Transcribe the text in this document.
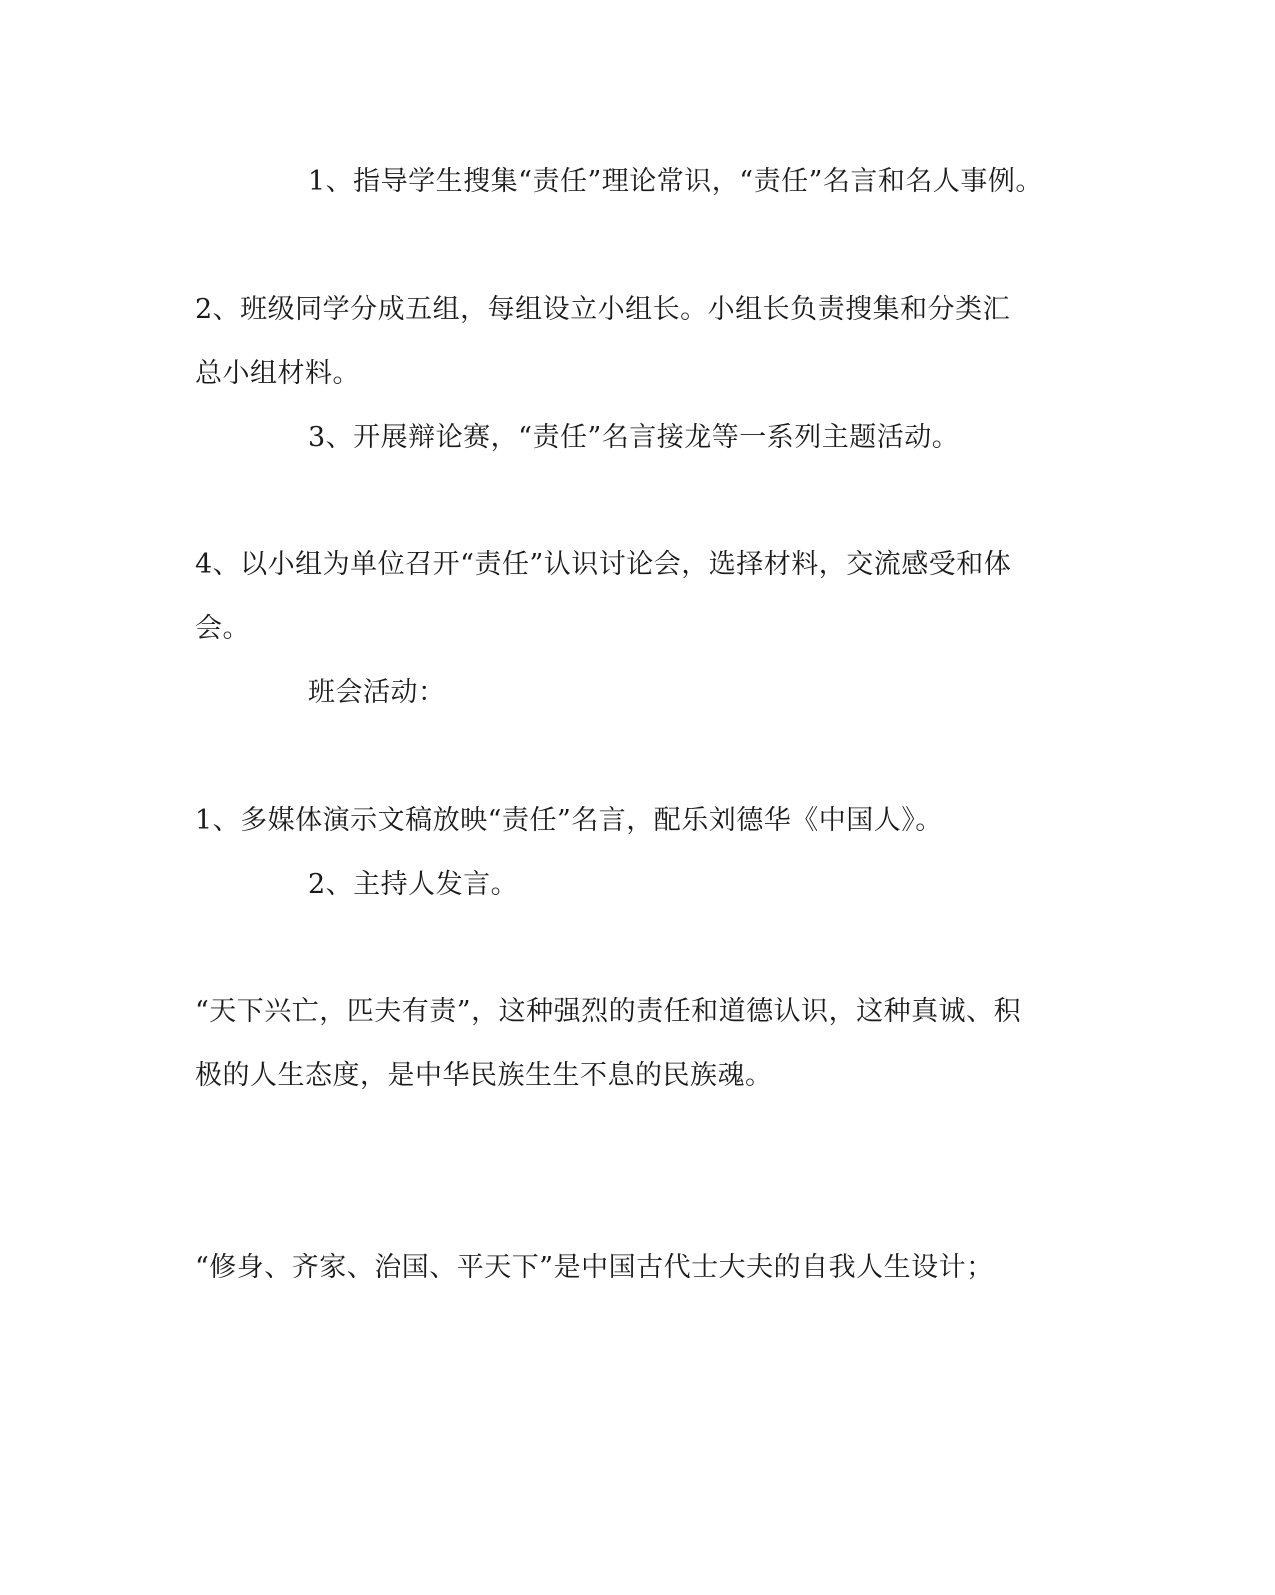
1、指导学生搜集“责任”理论常识，“责任”名言和名人事例。
2、班级同学分成五组，每组设立小组长。小组长负责搜集和分类汇
总小组材料。
3、开展辩论赛，“责任”名言接龙等一系列主题活动。
4、以小组为单位召开“责任”认识讨论会，选择材料，交流感受和体
会。
班会活动：
1、多媒体演示文稿放映“责任”名言，配乐刘德华《中国人》。
2、主持人发言。
“天下兴亡，匹夫有责”，这种强烈的责任和道德认识，这种真诚、积
极的人生态度，是中华民族生生不息的民族魂。
“修身、齐家、治国、平天下”是中国古代士大夫的自我人生设计；
